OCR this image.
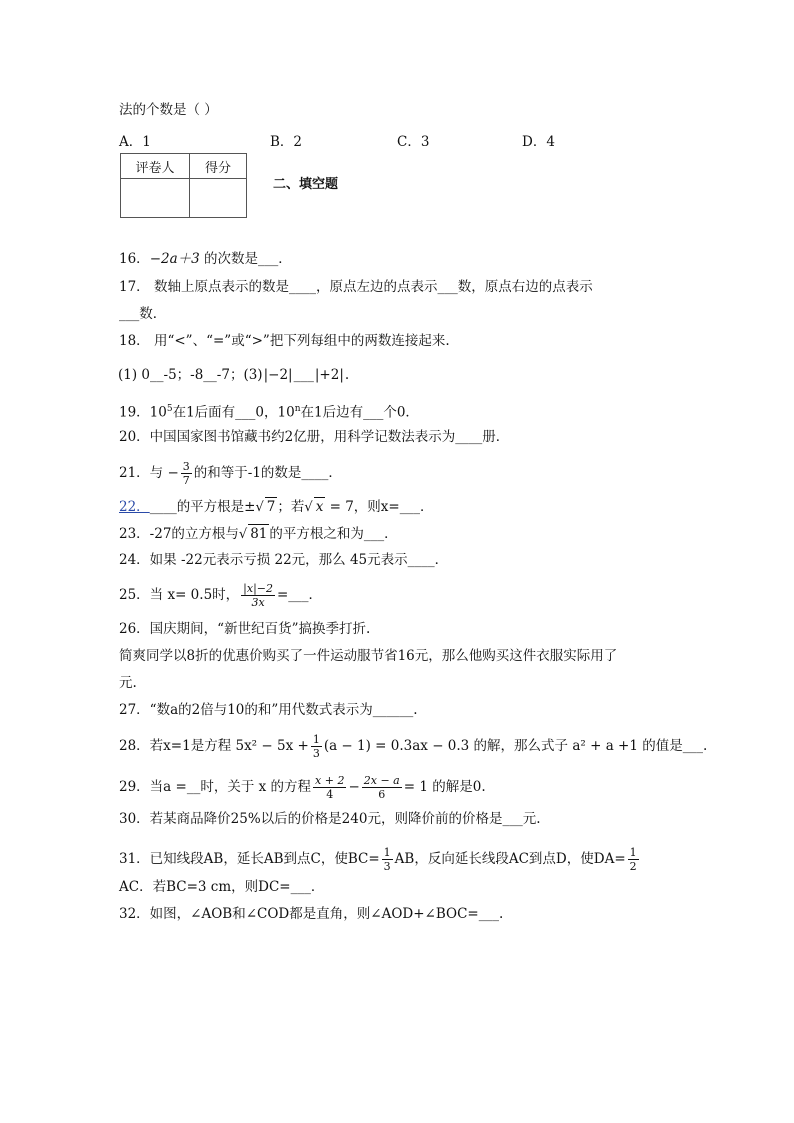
法的个数是（ ）
A．1	B．2	C．3	D．4
评卷人	得分

二、填空题
16．−2a＋3 的次数是___．
17． 数轴上原点表示的数是____，原点左边的点表示___数，原点右边的点表示
___数．
18． 用“<”、“=”或“>”把下列每组中的两数连接起来.
(1) 0__-5；-8__-7；(3)|−2|___|+2|.
19．$10^5$在1后面有___0，10$^n$在1后边有___个0．
20．中国国家图书馆藏书约2亿册，用科学记数法表示为____册．
21．与 − $\frac{3}{7}$ 的和等于-1的数是____．
22．____的平方根是±√ 7 ；若√ x = 7，则x=___．
23．-27的立方根与√ 81 的平方根之和为___．
24．如果 -22元表示亏损 22元，那么 45元表示____．
25．当 x= 0.5时， $\frac{|x|-2}{3x}$ =___．
26．国庆期间，“新世纪百货”搞换季打折.
简爽同学以8折的优惠价购买了一件运动服节省16元，那么他购买这件衣服实际用了
元.
27．“数a的2倍与10的和”用代数式表示为______.
28．若x=1是方程 $5x^2 - 5x + \frac{1}{3} (a - 1) = 0.3ax - 0.3$ 的解，那么式子 a² + a +1 的值是___.
29．当a =__时，关于 x 的方程 $\frac{x + 2}{4} - \frac{2x - a}{6} = 1$ 的解是0.
30．若某商品降价25%以后的价格是240元，则降价前的价格是___元.
31．已知线段AB，延长AB到点C，使$BC= \frac{1}{3}$ AB，反向延长线段AC到点D，使$DA= \frac{1}{2}$
AC．若BC=3 cm，则DC=___．
32．如图，∠AOB和∠COD都是直角，则∠AOD+∠BOC=___.
